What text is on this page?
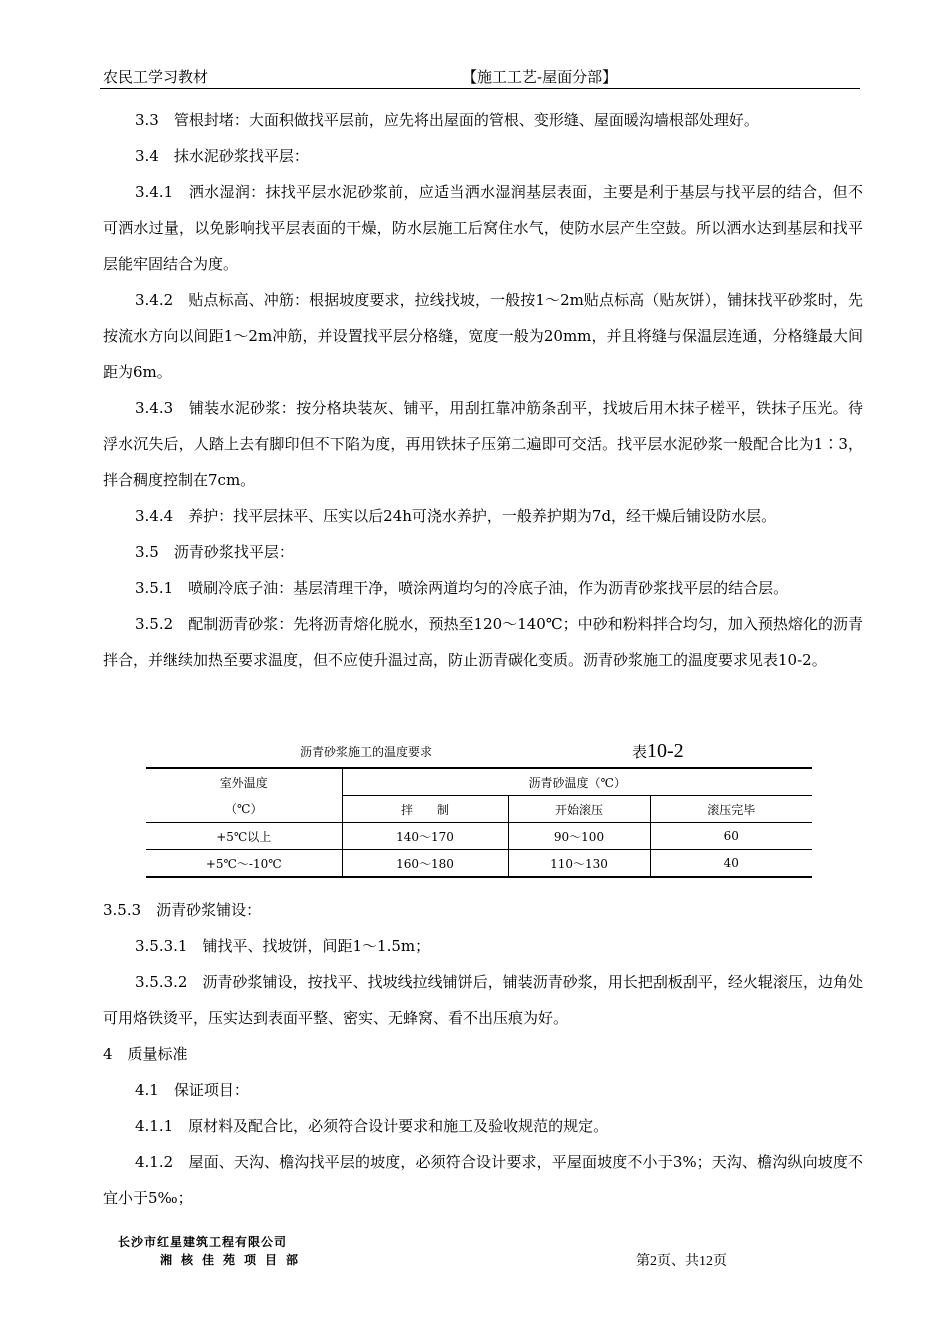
农民工学习教材	【施工工艺-屋面分部】

3.3　管根封堵：大面积做找平层前，应先将出屋面的管根、变形缝、屋面暖沟墙根部处理好。

3.4　抹水泥砂浆找平层：

3.4.1　洒水湿润：抹找平层水泥砂浆前，应适当洒水湿润基层表面，主要是利于基层与找平层的结合，但不可洒水过量，以免影响找平层表面的干燥，防水层施工后窝住水气，使防水层产生空鼓。所以洒水达到基层和找平层能牢固结合为度。

3.4.2　贴点标高、冲筋：根据坡度要求，拉线找坡，一般按1～2m贴点标高（贴灰饼），铺抹找平砂浆时，先按流水方向以间距1～2m冲筋，并设置找平层分格缝，宽度一般为20mm，并且将缝与保温层连通，分格缝最大间距为6m。

3.4.3　铺装水泥砂浆：按分格块装灰、铺平，用刮扛靠冲筋条刮平，找坡后用木抹子槎平，铁抹子压光。待浮水沉失后，人踏上去有脚印但不下陷为度，再用铁抹子压第二遍即可交活。找平层水泥砂浆一般配合比为1∶3，拌合稠度控制在7cm。

3.4.4　养护：找平层抹平、压实以后24h可浇水养护，一般养护期为7d，经干燥后铺设防水层。

3.5　沥青砂浆找平层：

3.5.1　喷刷冷底子油：基层清理干净，喷涂两道均匀的冷底子油，作为沥青砂浆找平层的结合层。

3.5.2　配制沥青砂浆：先将沥青熔化脱水，预热至120～140℃；中砂和粉料拌合均匀，加入预热熔化的沥青拌合，并继续加热至要求温度，但不应使升温过高，防止沥青碳化变质。沥青砂浆施工的温度要求见表10-2。

沥青砂浆施工的温度要求	表10-2
室外温度	沥青砂温度（℃）		
（℃）	拌　　制	开始滚压	滚压完毕
+5℃以上	140～170	90～100	60
+5℃～-10℃	160～180	110～130	40

3.5.3　沥青砂浆铺设：

3.5.3.1　铺找平、找坡饼，间距1～1.5m；

3.5.3.2　沥青砂浆铺设，按找平、找坡线拉线铺饼后，铺装沥青砂浆，用长把刮板刮平，经火辊滚压，边角处可用烙铁烫平，压实达到表面平整、密实、无蜂窝、看不出压痕为好。

4　质量标准

4.1　保证项目：

4.1.1　原材料及配合比，必须符合设计要求和施工及验收规范的规定。

4.1.2　屋面、天沟、檐沟找平层的坡度，必须符合设计要求，平屋面坡度不小于3%；天沟、檐沟纵向坡度不宜小于5‰；

长沙市红星建筑工程有限公司
湘核佳苑项目部	第2页、共12页
